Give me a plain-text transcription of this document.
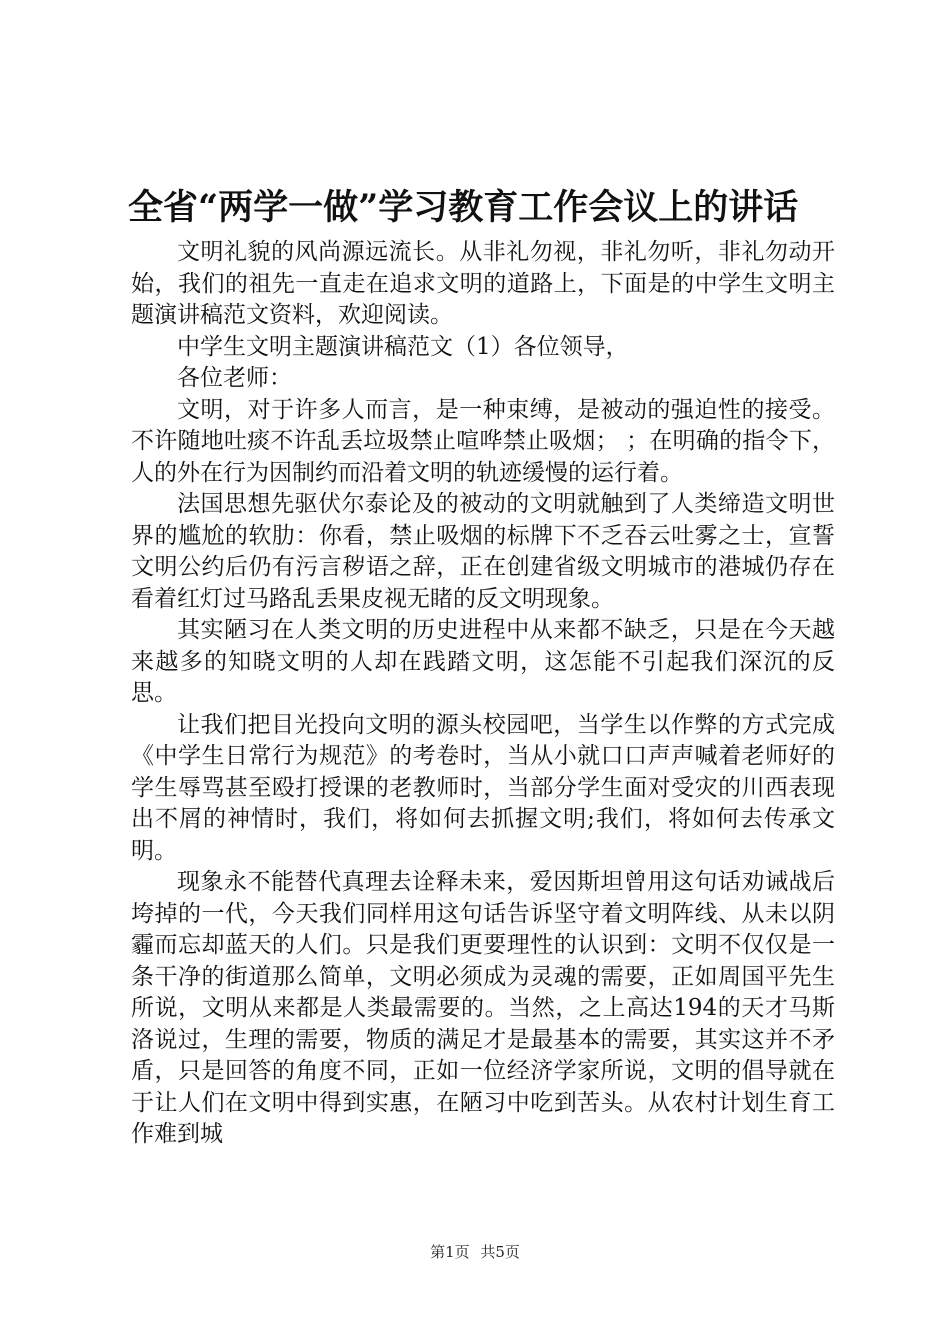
全省“两学一做”学习教育工作会议上的讲话

文明礼貌的风尚源远流长。从非礼勿视，非礼勿听，非礼勿动开始，我们的祖先一直走在追求文明的道路上，下面是的中学生文明主题演讲稿范文资料，欢迎阅读。

中学生文明主题演讲稿范文（1）各位领导，

各位老师：

文明，对于许多人而言，是一种束缚，是被动的强迫性的接受。不许随地吐痰不许乱丢垃圾禁止喧哗禁止吸烟； ；在明确的指令下，人的外在行为因制约而沿着文明的轨迹缓慢的运行着。

法国思想先驱伏尔泰论及的被动的文明就触到了人类缔造文明世界的尴尬的软肋：你看，禁止吸烟的标牌下不乏吞云吐雾之士，宣誓文明公约后仍有污言秽语之辞，正在创建省级文明城市的港城仍存在看着红灯过马路乱丢果皮视无睹的反文明现象。

其实陋习在人类文明的历史进程中从来都不缺乏，只是在今天越来越多的知晓文明的人却在践踏文明，这怎能不引起我们深沉的反思。

让我们把目光投向文明的源头校园吧，当学生以作弊的方式完成《中学生日常行为规范》的考卷时，当从小就口口声声喊着老师好的学生辱骂甚至殴打授课的老教师时，当部分学生面对受灾的川西表现出不屑的神情时，我们，将如何去抓握文明;我们，将如何去传承文明。

现象永不能替代真理去诠释未来，爱因斯坦曾用这句话劝诫战后垮掉的一代，今天我们同样用这句话告诉坚守着文明阵线、从未以阴霾而忘却蓝天的人们。只是我们更要理性的认识到：文明不仅仅是一条干净的街道那么简单，文明必须成为灵魂的需要，正如周国平先生所说，文明从来都是人类最需要的。当然，之上高达194的天才马斯洛说过，生理的需要，物质的满足才是最基本的需要，其实这并不矛盾，只是回答的角度不同，正如一位经济学家所说，文明的倡导就在于让人们在文明中得到实惠，在陋习中吃到苦头。从农村计划生育工作难到城

第1页 共5页
